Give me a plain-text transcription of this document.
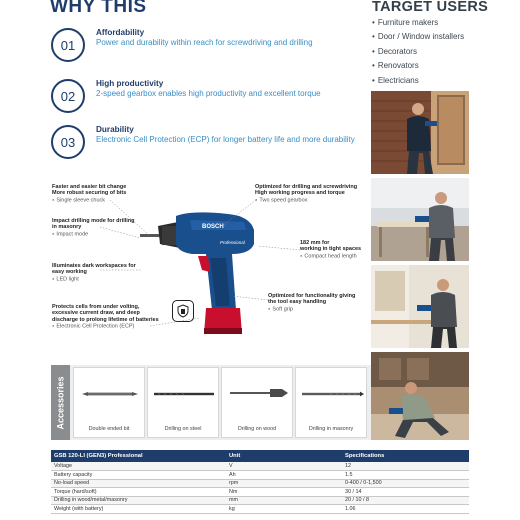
WHY THIS	TARGET USERS
• Furniture makers
• Door / Window installers
• Decorators
• Renovators
• Electricians
01
Affordability
Power and durability within reach for screwdriving and drilling
02
High productivity
2-speed gearbox enables high productivity and excellent torque
03
Durability
Electronic Cell Protection (ECP) for longer battery life and more durability
BOSCH
Professional
Faster and easier bit change
More robust securing of bits
● Single sleeve chuck
Impact drilling mode for drilling
in masonry
● Impact mode
Illuminates dark workspaces for
easy working
● LED light
Protects cells from under volting,
excessive current draw, and deep
discharge to prolong lifetime of batteries
● Electronic Cell Protection (ECP)
Optimized for drilling and screwdriving
High working progress and torque
● Two speed gearbox
182 mm for
working in tight spaces
● Compact head length
Optimized for functionality giving
the tool easy handling
● Soft grip
Accessories	Double ended bit	Drilling on steel	Drilling on wood	Drilling in masonry
GSB 120-LI (GEN3) Professional	Unit	Specifications
Voltage	V	12
Battery capacity	Ah	1.5
No-load speed	rpm	0-400 / 0-1,500
Torque (hard/soft)	Nm	30 / 14
Drilling in wood/metal/masonry	mm	20 / 10 / 8
Weight (with battery)	kg	1.06
